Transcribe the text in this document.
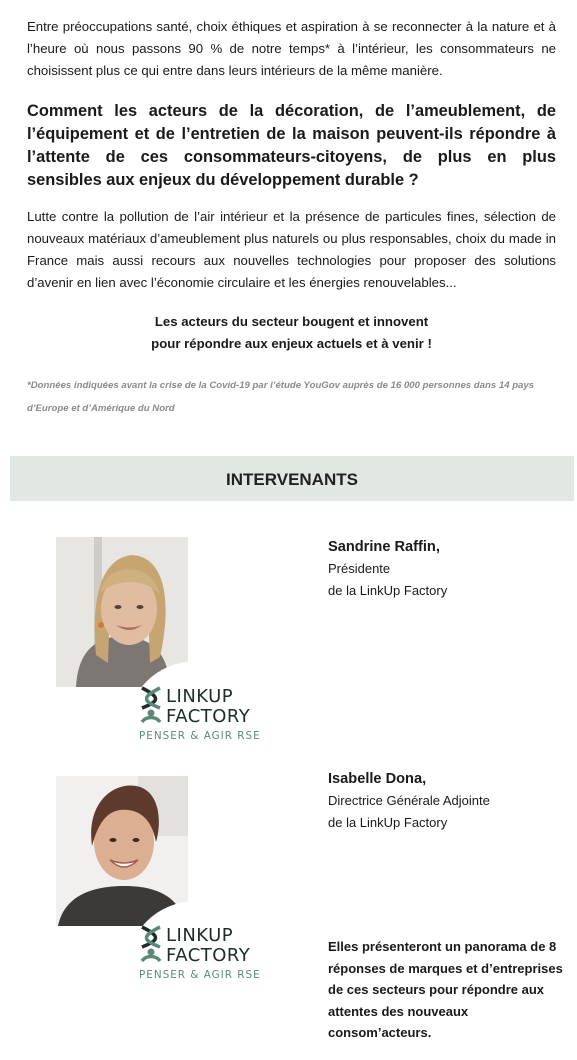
Entre préoccupations santé, choix éthiques et aspiration à se reconnecter à la nature et à l’heure où nous passons 90 % de notre temps* à l’intérieur, les consommateurs ne choisissent plus ce qui entre dans leurs intérieurs de la même manière.
Comment les acteurs de la décoration, de l’ameublement, de l’équipement et de l’entretien de la maison peuvent-ils répondre à l’attente de ces consommateurs-citoyens, de plus en plus sensibles aux enjeux du développement durable ?
Lutte contre la pollution de l’air intérieur et la présence de particules fines, sélection de nouveaux matériaux d’ameublement plus naturels ou plus responsables, choix du made in France mais aussi recours aux nouvelles technologies pour proposer des solutions d’avenir en lien avec l’économie circulaire et les énergies renouvelables...
Les acteurs du secteur bougent et innovent
pour répondre aux enjeux actuels et à venir !
*Données indiquées avant la crise de la Covid-19 par l’étude YouGov auprès de 16 000 personnes dans 14 pays d’Europe et d’Amérique du Nord
INTERVENANTS
LINKUP
FACTORY
PENSER & AGIR RSE
Sandrine Raffin,
Présidente
de la LinkUp Factory
LINKUP
FACTORY
PENSER & AGIR RSE
Isabelle Dona,
Directrice Générale Adjointe
de la LinkUp Factory
Elles présenteront un panorama de 8 réponses de marques et d’entreprises de ces secteurs pour répondre aux attentes des nouveaux consom’acteurs.
